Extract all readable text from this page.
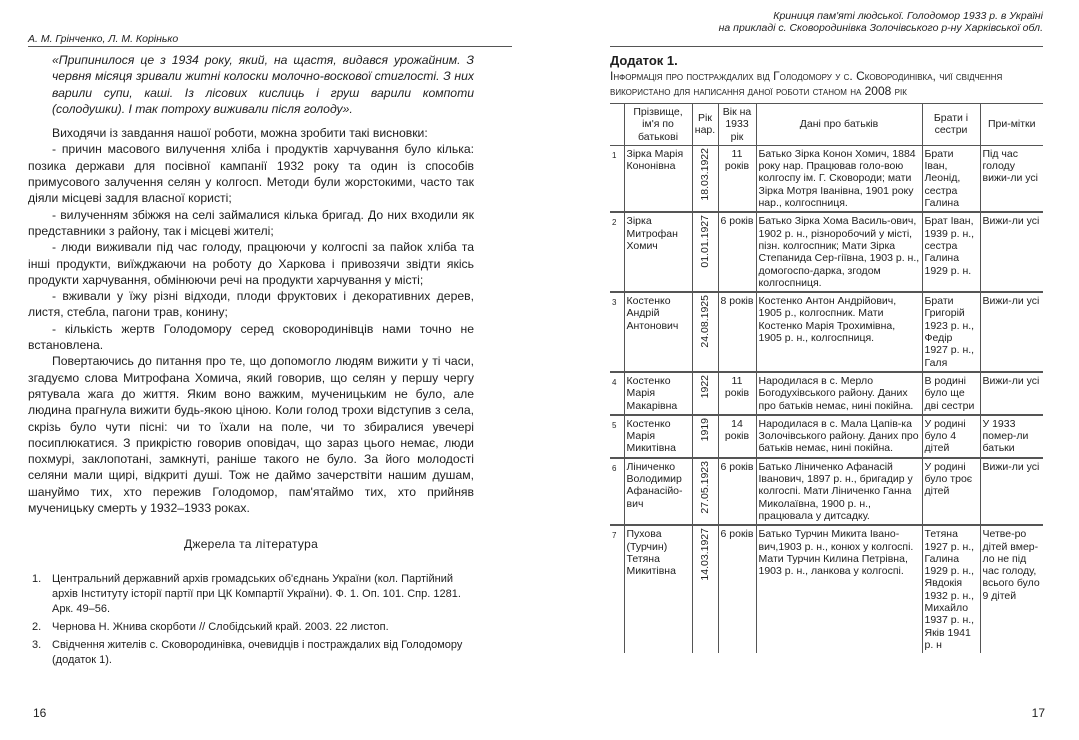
А. М. Грінченко, Л. М. Корінько

«Припинилося це з 1934 року, який, на щастя, видався урожайним. З червня місяця зривали житні колоски молочно-воскової стиглості. З них варили супи, каші. Із лісових кислиць і груш варили компоти (солодушки). І так потроху виживали після голоду».

Виходячи із завдання нашої роботи, можна зробити такі висновки:

- причин масового вилучення хліба і продуктів харчування було кілька: позика держави для посівної кампанії 1932 року та один із способів примусового залучення селян у колгосп. Методи були жорстокими, часто так діяли місцеві задля власної користі;

- вилученням збіжжя на селі займалися кілька бригад. До них входили як представники з району, так і місцеві жителі;

- люди виживали під час голоду, працюючи у колгоспі за пайок хліба та інші продукти, виїжджаючи на роботу до Харкова і привозячи звідти якісь продукти харчування, обмінюючи речі на продукти харчування у місті;

- вживали у їжу різні відходи, плоди фруктових і декоративних дерев, листя, стебла, пагони трав, конину;

- кількість жертв Голодомору серед сковородинівців нами точно не встановлена.

Повертаючись до питання про те, що допомогло людям вижити у ті часи, згадуємо слова Митрофана Хомича, який говорив, що селян у першу чергу рятувала жага до життя. Яким воно важким, мученицьким не було, але людина прагнула вижити будь-якою ціною. Коли голод трохи відступив з села, скрізь було чути пісні: чи то їхали на поле, чи то збиралися увечері посиплюкатися. З прикрістю говорив оповідач, що зараз цього немає, люди похмурі, заклопотані, замкнуті, раніше такого не було. За його молодості селяни мали щирі, відкриті душі. Тож не даймо зачерствіти нашим душам, шануймо тих, хто пережив Голодомор, пам'ятаймо тих, хто прийняв мученицьку смерть у 1932–1933 роках.

Джерела та література
1. Центральний державний архів громадських об'єднань України (кол. Партійний архів Інституту історії партії при ЦК Компартії України). Ф. 1. Оп. 101. Спр. 1281. Арк. 49–56.
2. Чернова Н. Жнива скорботи // Слобідський край. 2003. 22 листоп.
3. Свідчення жителів с. Сковородинівка, очевидців і постраждалих від Голодомору (додаток 1).
16
Криниця пам'яті людської. Голодомор 1933 р. в Україні
на прикладі с. Сковородинівка Золочівського р-ну Харківської обл.
Додаток 1.
Інформація про постраждалих від Голодомору у с. Сковородинівка, чиї свідчення використано для написання даної роботи станом на 2008 рік
	Прізвище, ім'я по батькові	Рік нар.	Вік на 1933 рік	Дані про батьків	Брати і сестри	При-мітки
1	Зірка Марія Кононівна	18.03.1922	11 років	Батько Зірка Конон Хомич, 1884 року нар. Працював голо-вою колгоспу ім. Г. Сковороди; мати Зірка Мотря Іванівна, 1901 року нар., колгоспниця.	Брати Іван, Леонід, сестра Галина	Під час голоду вижи-ли усі
2	Зірка Митрофан Хомич	01.01.1927	6 років	Батько Зірка Хома Василь-ович, 1902 р. н., різноробочий у місті, пізн. колгоспник; Мати Зірка Степанида Сер-гіївна, 1903 р. н., домогоспо-дарка, згодом колгоспниця.	Брат Іван, 1939 р. н., сестра Галина 1929 р. н.	Вижи-ли усі
3	Костенко Андрій Антонович	24.08.1925	8 років	Костенко Антон Андрійович, 1905 р., колгоспник. Мати Костенко Марія Трохимівна, 1905 р. н., колгоспниця.	Брати Григорій 1923 р. н., Федір 1927 р. н., Галя	Вижи-ли усі
4	Костенко Марія Макарівна	1922	11 років	Народилася в с. Мерло Богодухівського району. Даних про батьків немає, нині покійна.	В родині було ще дві сестри	Вижи-ли усі
5	Костенко Марія Микитівна	1919	14 років	Народилася в с. Мала Цапів-ка Золочівського району. Даних про батьків немає, нині покійна.	У родині було 4 дітей	У 1933 помер-ли батьки
6	Ліниченко Володимир Афанасійо-вич	27.05.1923	6 років	Батько Ліниченко Афанасій Іванович, 1897 р. н., бригадир у колгоспі. Мати Ліниченко Ганна Миколаївна, 1900 р. н., працювала у дитсадку.	У родині було троє дітей	Вижи-ли усі
7	Пухова (Турчин) Тетяна Микитівна	14.03.1927	6 років	Батько Турчин Микита Івано-вич,1903 р. н., конюх у колгоспі. Мати Турчин Килина Петрівна, 1903 р. н., ланкова у колгоспі.	Тетяна 1927 р. н., Галина 1929 р. н., Явдокія 1932 р. н., Михайло 1937 р. н., Яків 1941 р. н	Четве-ро дітей вмер-ло не під час голоду, всього було 9 дітей
17
